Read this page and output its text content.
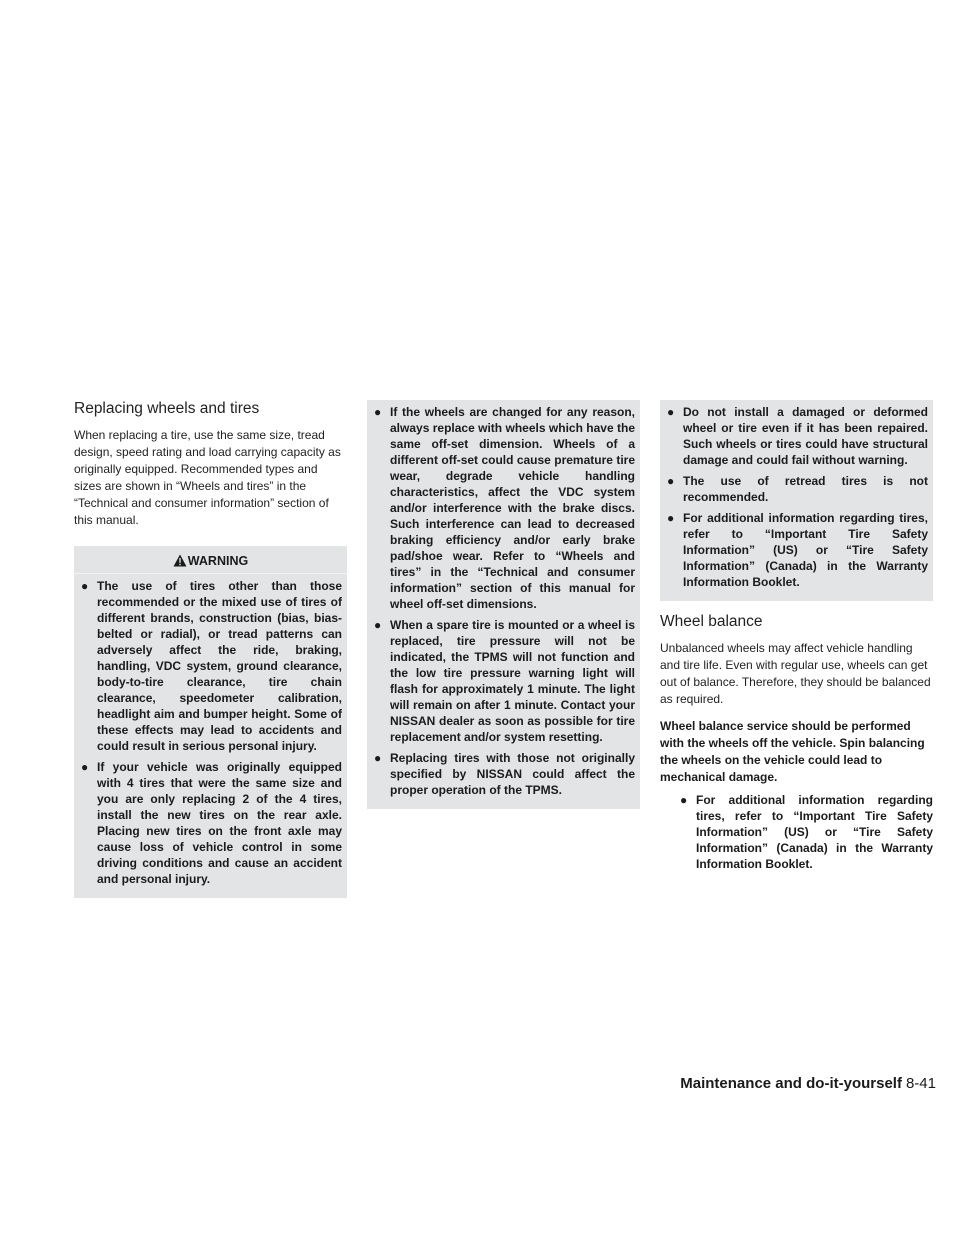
Replacing wheels and tires

When replacing a tire, use the same size, tread design, speed rating and load carrying capacity as originally equipped. Recommended types and sizes are shown in “Wheels and tires” in the “Technical and consumer information” section of this manual.

WARNING
● The use of tires other than those recommended or the mixed use of tires of different brands, construction (bias, bias-belted or radial), or tread patterns can adversely affect the ride, braking, handling, VDC system, ground clearance, body-to-tire clearance, tire chain clearance, speedometer calibration, headlight aim and bumper height. Some of these effects may lead to accidents and could result in serious personal injury.
● If your vehicle was originally equipped with 4 tires that were the same size and you are only replacing 2 of the 4 tires, install the new tires on the rear axle. Placing new tires on the front axle may cause loss of vehicle control in some driving conditions and cause an accident and personal injury.
● If the wheels are changed for any reason, always replace with wheels which have the same off-set dimension. Wheels of a different off-set could cause premature tire wear, degrade vehicle handling characteristics, affect the VDC system and/or interference with the brake discs. Such interference can lead to decreased braking efficiency and/or early brake pad/shoe wear. Refer to “Wheels and tires” in the “Technical and consumer information” section of this manual for wheel off-set dimensions.
● When a spare tire is mounted or a wheel is replaced, tire pressure will not be indicated, the TPMS will not function and the low tire pressure warning light will flash for approximately 1 minute. The light will remain on after 1 minute. Contact your NISSAN dealer as soon as possible for tire replacement and/or system resetting.
● Replacing tires with those not originally specified by NISSAN could affect the proper operation of the TPMS.
● Do not install a damaged or deformed wheel or tire even if it has been repaired. Such wheels or tires could have structural damage and could fail without warning.
● The use of retread tires is not recommended.
● For additional information regarding tires, refer to “Important Tire Safety Information” (US) or “Tire Safety Information” (Canada) in the Warranty Information Booklet.
Wheel balance

Unbalanced wheels may affect vehicle handling and tire life. Even with regular use, wheels can get out of balance. Therefore, they should be balanced as required.

Wheel balance service should be performed with the wheels off the vehicle. Spin balancing the wheels on the vehicle could lead to mechanical damage.

● For additional information regarding tires, refer to “Important Tire Safety Information” (US) or “Tire Safety Information” (Canada) in the Warranty Information Booklet.
Maintenance and do-it-yourself 8-41
